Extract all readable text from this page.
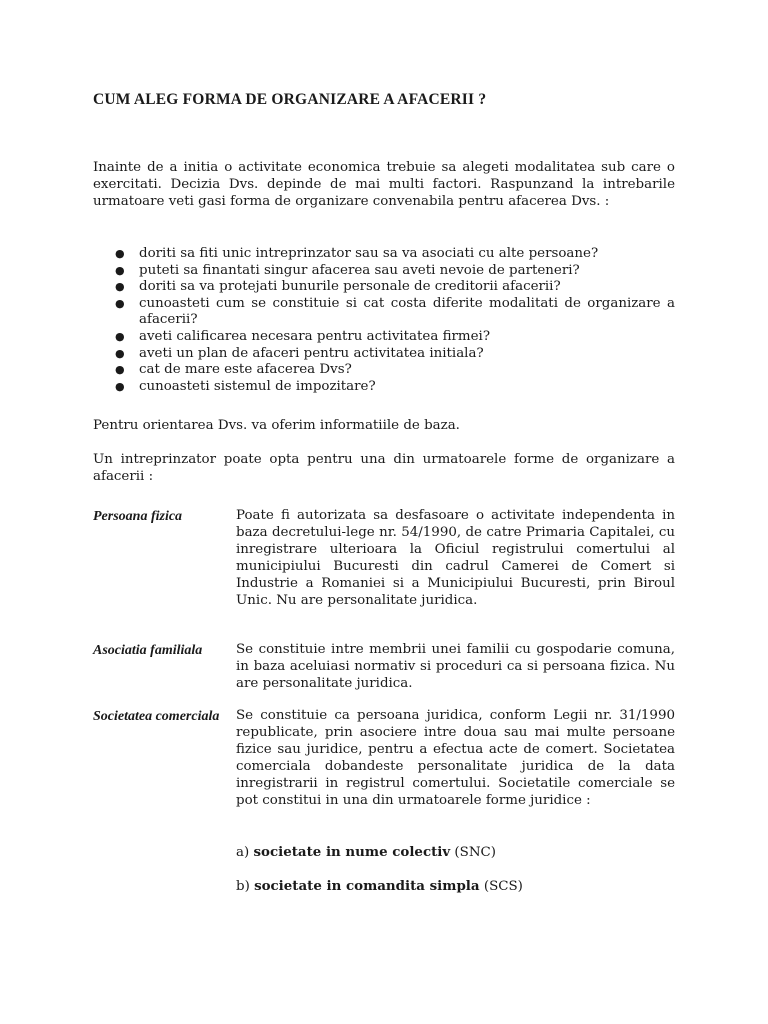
CUM ALEG FORMA DE ORGANIZARE A AFACERII ?
Inainte de a initia o activitate economica trebuie sa alegeti modalitatea sub care o exercitati. Decizia Dvs. depinde de mai multi factori. Raspunzand la intrebarile urmatoare veti gasi forma de organizare convenabila pentru afacerea Dvs. :
● doriti sa fiti unic intreprinzator sau sa va asociati cu alte persoane?
● puteti sa finantati singur afacerea sau aveti nevoie de parteneri?
● doriti sa va protejati bunurile personale de creditorii afacerii?
● cunoasteti cum se constituie si cat costa diferite modalitati de organizare a afacerii?
● aveti calificarea necesara pentru activitatea firmei?
● aveti un plan de afaceri pentru activitatea initiala?
● cat de mare este afacerea Dvs?
● cunoasteti sistemul de impozitare?
Pentru orientarea Dvs. va oferim informatiile de baza.
Un intreprinzator poate opta pentru una din urmatoarele forme de organizare a afacerii :
Persoana fizica	Poate fi autorizata sa desfasoare o activitate independenta in baza decretului-lege nr. 54/1990, de catre Primaria Capitalei, cu inregistrare ulterioara la Oficiul registrului comertului al municipiului Bucuresti din cadrul Camerei de Comert si Industrie a Romaniei si a Municipiului Bucuresti, prin Biroul Unic. Nu are personalitate juridica.
Asociatia familiala	Se constituie intre membrii unei familii cu gospodarie comuna, in baza aceluiasi normativ si proceduri ca si persoana fizica. Nu are personalitate juridica.
Societatea comerciala	Se constituie ca persoana juridica, conform Legii nr. 31/1990 republicate, prin asociere intre doua sau mai multe persoane fizice sau juridice, pentru a efectua acte de comert. Societatea comerciala dobandeste personalitate juridica de la data inregistrarii in registrul comertului. Societatile comerciale se pot constitui in una din urmatoarele forme juridice :
a) societate in nume colectiv (SNC)
b) societate in comandita simpla (SCS)
